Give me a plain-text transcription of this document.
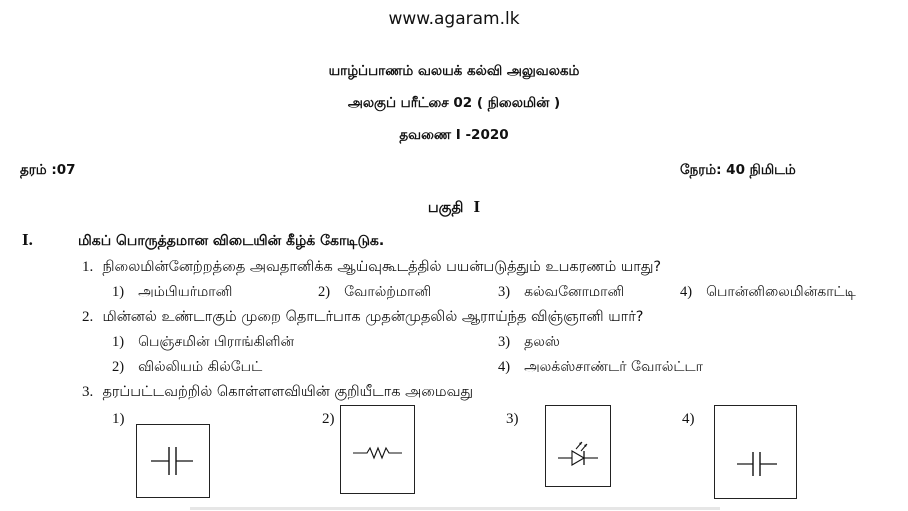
www.agaram.lk
யாழ்ப்பாணம் வலயக் கல்வி அலுவலகம்
அலகுப் பரீட்சை 02 ( நிலைமின் )
தவணை I -2020
தரம் :07	நேரம்: 40 நிமிடம்
பகுதி I
I.	மிகப் பொருத்தமான விடையின் கீழ்க் கோடிடுக.
1. நிலைமின்னேற்றத்தை அவதானிக்க ஆய்வுகூடத்தில் பயன்படுத்தும் உபகரணம் யாது?
1) அம்பியர்மானி	2) வோல்ற்மானி	3) கல்வனோமானி	4) பொன்னிலைமின்காட்டி
2. மின்னல் உண்டாகும் முறை தொடர்பாக முதன்முதலில் ஆராய்ந்த விஞ்ஞானி யார்?
1) பெஞ்சமின் பிராங்கிளின்	3) தலஸ்
2) வில்லியம் கில்பேட்	4) அலக்ஸ்சாண்டர் வோல்ட்டா
3. தரப்பட்டவற்றில் கொள்ளளவியின் குறியீடாக அமைவது
1)	2)	3)	4)
